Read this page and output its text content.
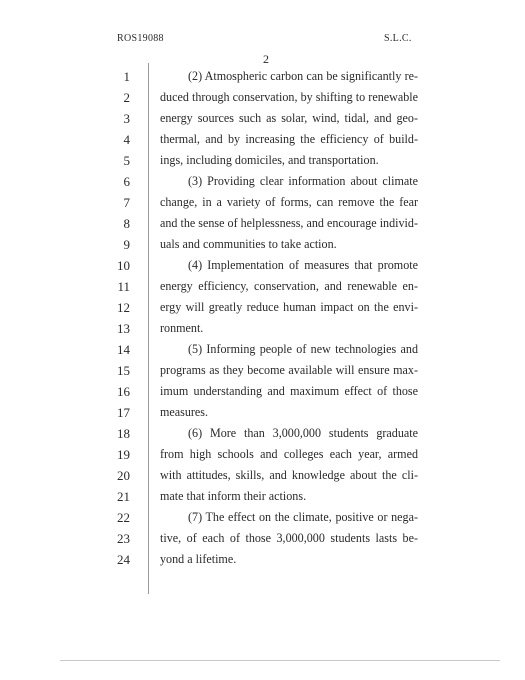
ROS19088	S.L.C.
2
1	(2) Atmospheric carbon can be significantly re-
2 duced through conservation, by shifting to renewable
3 energy sources such as solar, wind, tidal, and geo-
4 thermal, and by increasing the efficiency of build-
5 ings, including domiciles, and transportation.
6	(3) Providing clear information about climate
7 change, in a variety of forms, can remove the fear
8 and the sense of helplessness, and encourage individ-
9 uals and communities to take action.
10	(4) Implementation of measures that promote
11 energy efficiency, conservation, and renewable en-
12 ergy will greatly reduce human impact on the envi-
13 ronment.
14	(5) Informing people of new technologies and
15 programs as they become available will ensure max-
16 imum understanding and maximum effect of those
17 measures.
18	(6) More than 3,000,000 students graduate
19 from high schools and colleges each year, armed
20 with attitudes, skills, and knowledge about the cli-
21 mate that inform their actions.
22	(7) The effect on the climate, positive or nega-
23 tive, of each of those 3,000,000 students lasts be-
24 yond a lifetime.
